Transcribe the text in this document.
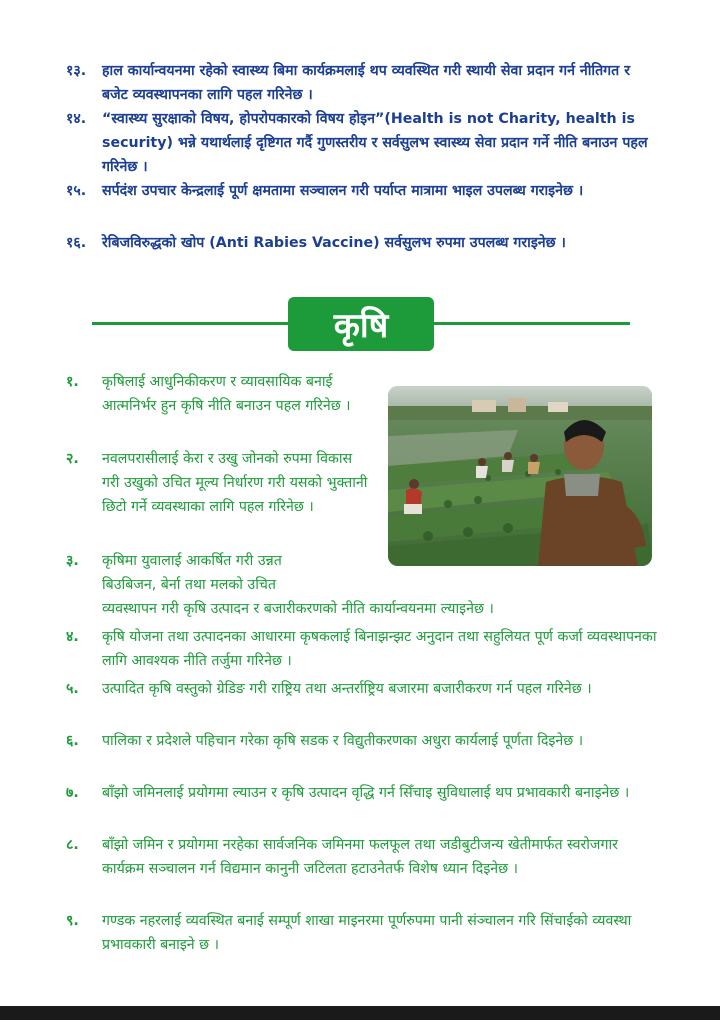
१३. हाल कार्यान्वयनमा रहेको स्वास्थ्य बिमा कार्यक्रमलाई थप व्यवस्थित गरी स्थायी सेवा प्रदान गर्न नीतिगत र बजेट व्यवस्थापनका लागि पहल गरिनेछ ।
१४. “स्वास्थ्य सुरक्षाको विषय, हाेपराेपकारकाे विषय हाेइन”(Health is not Charity, health is security) भन्ने यथार्थलाई दृष्टिगत गर्दै गुणस्तरीय र सर्वसुलभ स्वास्थ्य सेवा प्रदान गर्ने नीति बनाउन पहल गरिनेछ ।
१५. सर्पदंश उपचार केन्द्रलाई पूर्ण क्षमतामा सञ्चालन गरी पर्याप्त मात्रामा भाइल उपलब्ध गराइनेछ ।
१६. रेबिजविरुद्धको खोप (Anti Rabies Vaccine) सर्वसुलभ रुपमा उपलब्ध गराइनेछ ।
कृषि
१. कृषिलाई आधुनिकीकरण र व्यावसायिक बनाई आत्मनिर्भर हुन कृषि नीति बनाउन पहल गरिनेछ ।
२. नवलपरासीलाई केरा र उखु जोनको रुपमा विकास गरी उखुको उचित मूल्य निर्धारण गरी यसको भुक्तानी छिटो गर्ने व्यवस्थाका लागि पहल गरिनेछ ।
३. कृषिमा युवालाई आकर्षित गरी उन्नत
बिउबिजन, बेर्ना तथा मलको उचित
व्यवस्थापन गरी कृषि उत्पादन र बजारीकरणको नीति कार्यान्वयनमा ल्याइनेछ ।
४. कृषि योजना तथा उत्पादनका आधारमा कृषकलाई बिनाझन्झट अनुदान तथा सहुलियत पूर्ण कर्जा व्यवस्थापनका लागि आवश्यक नीति तर्जुमा गरिनेछ ।
५. उत्पादित कृषि वस्तुको ग्रेडिङ गरी राष्ट्रिय तथा अन्तर्राष्ट्रिय बजारमा बजारीकरण गर्न पहल गरिनेछ ।
६. पालिका र प्रदेशले पहिचान गरेका कृषि सडक र विद्युतीकरणका अधुरा कार्यलाई पूर्णता दिइनेछ ।
७. बाँझो जमिनलाई प्रयोगमा ल्याउन र कृषि उत्पादन वृद्धि गर्न सिँचाइ सुविधालाई थप प्रभावकारी बनाइनेछ ।
८. बाँझो जमिन र प्रयोगमा नरहेका सार्वजनिक जमिनमा फलफूल तथा जडीबुटीजन्य खेतीमार्फत स्वरोजगार कार्यक्रम सञ्चालन गर्न विद्यमान कानुनी जटिलता हटाउनेतर्फ विशेष ध्यान दिइनेछ ।
९. गण्डक नहरलाई व्यवस्थित बनाई सम्पूर्ण शाखा माइनरमा पूर्णरुपमा पानी संञ्चालन गरि सिंचाईको व्यवस्था प्रभावकारी बनाइने छ ।
